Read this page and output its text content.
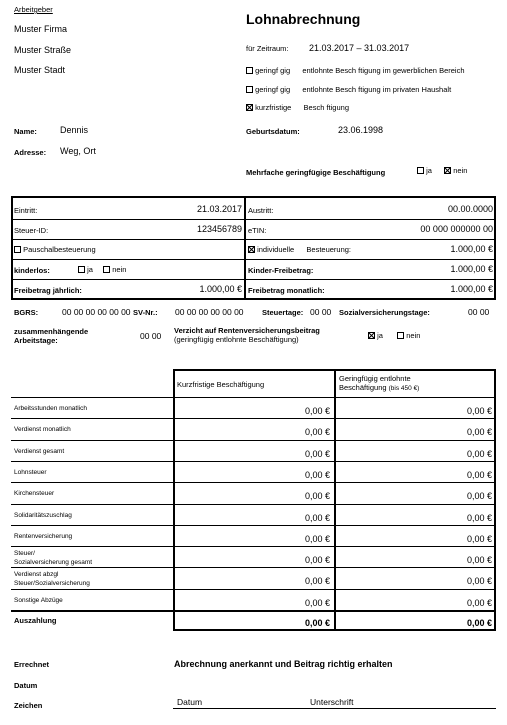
Arbeitgeber
Muster Firma
Muster Straße
Muster Stadt
Lohnabrechnung
für Zeitraum: 21.03.2017 – 31.03.2017
geringf gig entlohnte Besch ftigung im gewerblichen Bereich
geringf gig entlohnte Besch ftigung im privaten Haushalt
kurzfristige Besch ftigung
Name:	Dennis
Adresse: Weg, Ort
Geburtsdatum:	23.06.1998
Mehrfache geringfügige Beschäftigung	ja	nein
Eintritt:	21.03.2017 Austritt:	00.00.0000
Steuer-ID:	123456789 eTIN:	00 000 000000 00
Pauschalbesteuerung	individuelle Besteuerung:	1.000,00 €
kinderlos:	ja	nein	Kinder-Freibetrag:	1.000,00 €
Freibetrag jährlich:	1.000,00 € Freibetrag monatlich:	1.000,00 €
BGRS:	00 00 00 00 00 00 SV-Nr.: 00 00 00 00 00 00 Steuertage: 00 00 Sozialversicherungstage:	00 00
zusammenhängende
Arbeitstage:	00 00
Verzicht auf Rentenversicherungsbeitrag
(geringfügig entlohnte Beschäftigung)	ja	nein
Kurzfristige Beschäftigung
Geringfügig entlohnte
Beschäftigung (bis 450 €)
Arbeitsstunden monatlich	0,00 €	0,00 €
Verdienst monatlich	0,00 €	0,00 €
Verdienst gesamt	0,00 €	0,00 €
Lohnsteuer	0,00 €	0,00 €
Kirchensteuer	0,00 €	0,00 €
Solidaritätszuschlag	0,00 €	0,00 €
Rentenversicherung	0,00 €	0,00 €
Steuer/
Sozialversicherung gesamt	0,00 €	0,00 €
Verdienst abzgl
Steuer/Sozialversicherung	0,00 €	0,00 €
Sonstige Abzüge	0,00 €	0,00 €
Auszahlung	0,00 €	0,00 €
Errechnet
Datum
Zeichen
Abrechnung anerkannt und Beitrag richtig erhalten
Datum	Unterschrift
